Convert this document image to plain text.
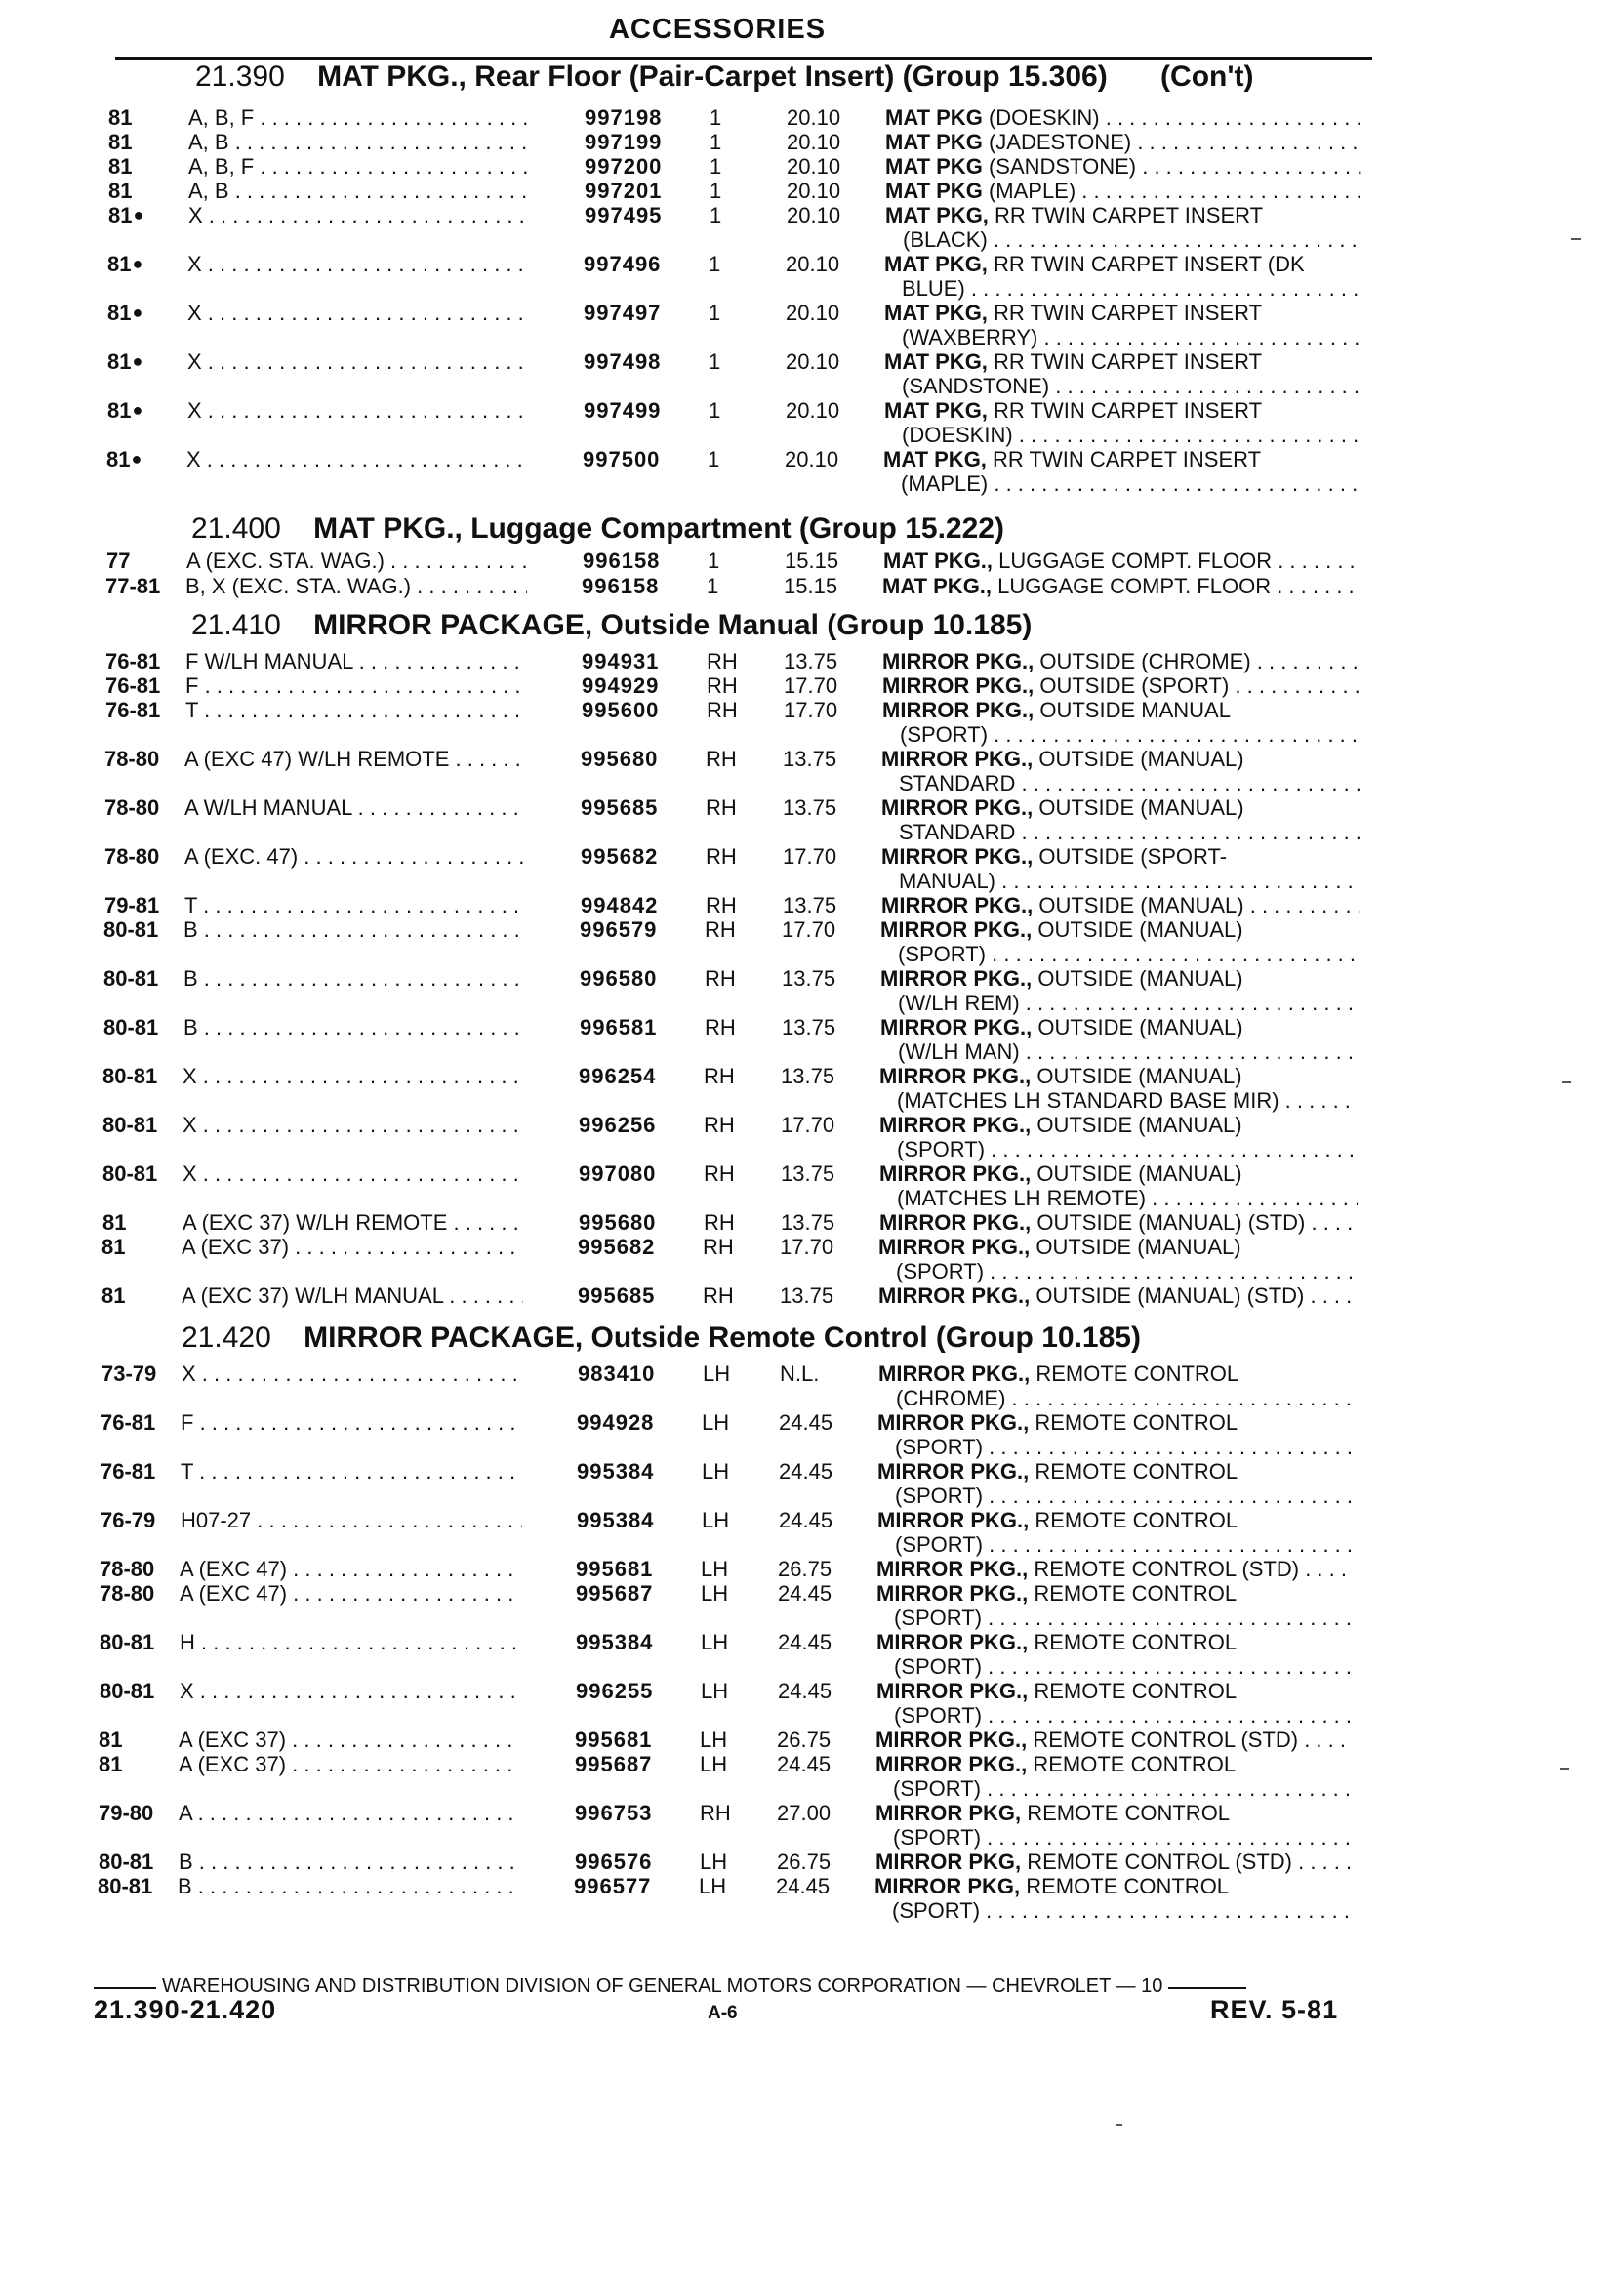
ACCESSORIES
21.390 MAT PKG., Rear Floor (Pair-Carpet Insert) (Group 15.306) (Con't)
21.400 MAT PKG., Luggage Compartment (Group 15.222)
21.410 MIRROR PACKAGE, Outside Manual (Group 10.185)
21.420 MIRROR PACKAGE, Outside Remote Control (Group 10.185)
81	A, B, F . . .	997198 1	20.10 MAT PKG (DOESKIN) . . .
81	A, B . . .	997199 1	20.10 MAT PKG (JADESTONE) . . .
81	A, B, F . . .	997200 1	20.10 MAT PKG (SANDSTONE) . . .
81	A, B . . .	997201 1	20.10 MAT PKG (MAPLE) . . .
81● X . . .	997495 1	20.10 MAT PKG, RR TWIN CARPET INSERT
(BLACK) . . .
81● X . . .	997496 1	20.10 MAT PKG, RR TWIN CARPET INSERT (DK
BLUE) . . .
81● X . . .	997497 1	20.10 MAT PKG, RR TWIN CARPET INSERT
(WAXBERRY) . . .
81● X . . .	997498 1	20.10 MAT PKG, RR TWIN CARPET INSERT
(SANDSTONE) . . .
81● X . . .	997499 1	20.10 MAT PKG, RR TWIN CARPET INSERT
(DOESKIN) . . .
81● X . . .	997500 1	20.10 MAT PKG, RR TWIN CARPET INSERT
(MAPLE) . . .
77	A (EXC. STA. WAG.) . . .	996158 1	15.15 MAT PKG., LUGGAGE COMPT. FLOOR . . .
77-81 B, X (EXC. STA. WAG.) . . .	996158 1	15.15 MAT PKG., LUGGAGE COMPT. FLOOR . . .
76-81 F W/LH MANUAL . . .	994931 RH 13.75 MIRROR PKG., OUTSIDE (CHROME) . . .
76-81 F . . .	994929 RH 17.70 MIRROR PKG., OUTSIDE (SPORT) . . .
76-81 T . . .	995600 RH 17.70 MIRROR PKG., OUTSIDE MANUAL
(SPORT) . . .
78-80 A (EXC 47) W/LH REMOTE . . .	995680 RH 13.75 MIRROR PKG., OUTSIDE (MANUAL)
STANDARD . . .
78-80 A W/LH MANUAL . . .	995685 RH 13.75 MIRROR PKG., OUTSIDE (MANUAL)
STANDARD . . .
78-80 A (EXC. 47) . . .	995682 RH 17.70 MIRROR PKG., OUTSIDE (SPORT-
MANUAL) . . .
79-81 T . . .	994842 RH 13.75 MIRROR PKG., OUTSIDE (MANUAL) . . .
80-81 B . . .	996579 RH 17.70 MIRROR PKG., OUTSIDE (MANUAL)
(SPORT) . . .
80-81 B . . .	996580 RH 13.75 MIRROR PKG., OUTSIDE (MANUAL)
(W/LH REM) . . .
80-81 B . . .	996581 RH 13.75 MIRROR PKG., OUTSIDE (MANUAL)
(W/LH MAN) . . .
80-81 X . . .	996254 RH 13.75 MIRROR PKG., OUTSIDE (MANUAL)
(MATCHES LH STANDARD BASE MIR) . . .
80-81 X . . .	996256 RH 17.70 MIRROR PKG., OUTSIDE (MANUAL)
(SPORT) . . .
80-81 X . . .	997080 RH 13.75 MIRROR PKG., OUTSIDE (MANUAL)
(MATCHES LH REMOTE) . . .
81	A (EXC 37) W/LH REMOTE . . .	995680 RH 13.75 MIRROR PKG., OUTSIDE (MANUAL) (STD) . . .
81	A (EXC 37) . . .	995682 RH 17.70 MIRROR PKG., OUTSIDE (MANUAL)
(SPORT) . . .
81	A (EXC 37) W/LH MANUAL . . .	995685 RH 13.75 MIRROR PKG., OUTSIDE (MANUAL) (STD) . . .
73-79 X . . .	983410 LH N.L.	MIRROR PKG., REMOTE CONTROL
(CHROME) . . .
76-81 F . . .	994928 LH 24.45 MIRROR PKG., REMOTE CONTROL
(SPORT) . . .
76-81 T . . .	995384 LH 24.45 MIRROR PKG., REMOTE CONTROL
(SPORT) . . .
76-79 H07-27 . . .	995384 LH 24.45 MIRROR PKG., REMOTE CONTROL
(SPORT) . . .
78-80 A (EXC 47) . . .	995681 LH 26.75 MIRROR PKG., REMOTE CONTROL (STD) . . .
78-80 A (EXC 47) . . .	995687 LH 24.45 MIRROR PKG., REMOTE CONTROL
(SPORT) . . .
80-81 H . . .	995384 LH 24.45 MIRROR PKG., REMOTE CONTROL
(SPORT) . . .
80-81 X . . .	996255 LH 24.45 MIRROR PKG., REMOTE CONTROL
(SPORT) . . .
81	A (EXC 37) . . .	995681 LH 26.75 MIRROR PKG., REMOTE CONTROL (STD) . . .
81	A (EXC 37) . . .	995687 LH 24.45 MIRROR PKG., REMOTE CONTROL
(SPORT) . . .
79-80 A . . .	996753 RH 27.00 MIRROR PKG, REMOTE CONTROL
(SPORT) . . .
80-81 B . . .	996576 LH 26.75 MIRROR PKG, REMOTE CONTROL (STD) . . .
80-81 B . . .	996577 LH 24.45 MIRROR PKG, REMOTE CONTROL
(SPORT) . . .
WAREHOUSING AND DISTRIBUTION DIVISION OF GENERAL MOTORS CORPORATION — CHEVROLET — 10
21.390-21.420	A-6	REV. 5-81
